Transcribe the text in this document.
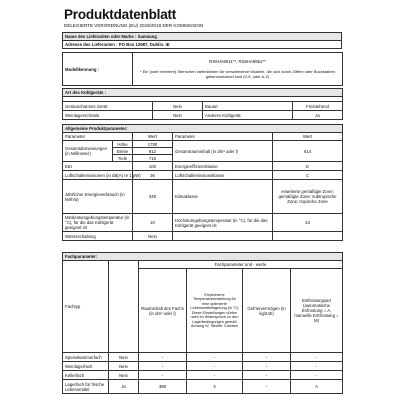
Produktdatenblatt
DELEGIERTE VERORDNUNG (EU) 2019/2016 DER KOMMISSION
Name des Lieferanten oder Marke : Samsung
Adresse des Lieferanten : PO Box 12987, Dublin. IE
Modellkennung :	
RS6HA8811**, RS6HA8851**
* Ein (oder mehrere) Sternchen steht/stehen für verschiedene Modelle, die sich durch Ziffern oder Buchstaben gekennzeichnet sind (0-9, oder A-Z)
Art des Kühlgeräts :			

Geräuscharmes Gerät	Nein	Bauart	Freistehend
Weinlagerschrank	Nein	Anderes Kühlgerät	Ja
Allgemeine Produktparameter:				
Parameter		Wert	Parameter	Wert
Gesamtabmessungen (in Millimeter)	Höhe	1780	Gesamtrauminhalt (in dm³ oder l)	614
	Breite	912		
	Tiefe	716		
EEI		100	Energieeffizienzklasse	E
Luftschallemissionen (in dB(A) re 1 pW)		36	Luftschallemissionsklasse	C
Jährlicher Energieverbrauch (in kWh/a)		349	Klimaklasse	erweiterte gemäßigte Zone; gemäßigte Zone; subtropische Zone; tropische Zone
Mindestumgebungstemperatur (in °C), für die das Kühlgerät geeignet ist		10	Höchstumgebungstemperatur (in °C), für die das Kühlgerät geeignet ist	43
Winterschaltung		Nein		
Fachparameter:					
Fachtyp		Fachparameter und - werte			
		Rauminhalt des Fachs (in dm³ oder l)	Empfohlene Temperatureinstellung für eine optimierte Lebensmittellagerung (in °C) Diese Einstellungen dürfen nicht im Widerspruch zu den Lagerbedingungen gemäß Anhang IV, Tabelle 3 stehen	Gefriervermögen (in kg/24h)	Entfrostungsart (automatische Enfrostung = A, manuelle Entfrostung = M)
Speisekammerfach	Nein	-	-	-	-
Weinlagerfach	Nein	-	-	-	-
Kellerfach	Nein	-	-	-	-
Lagerfach für frische Lebensmittel	Ja	389	3	-	A
